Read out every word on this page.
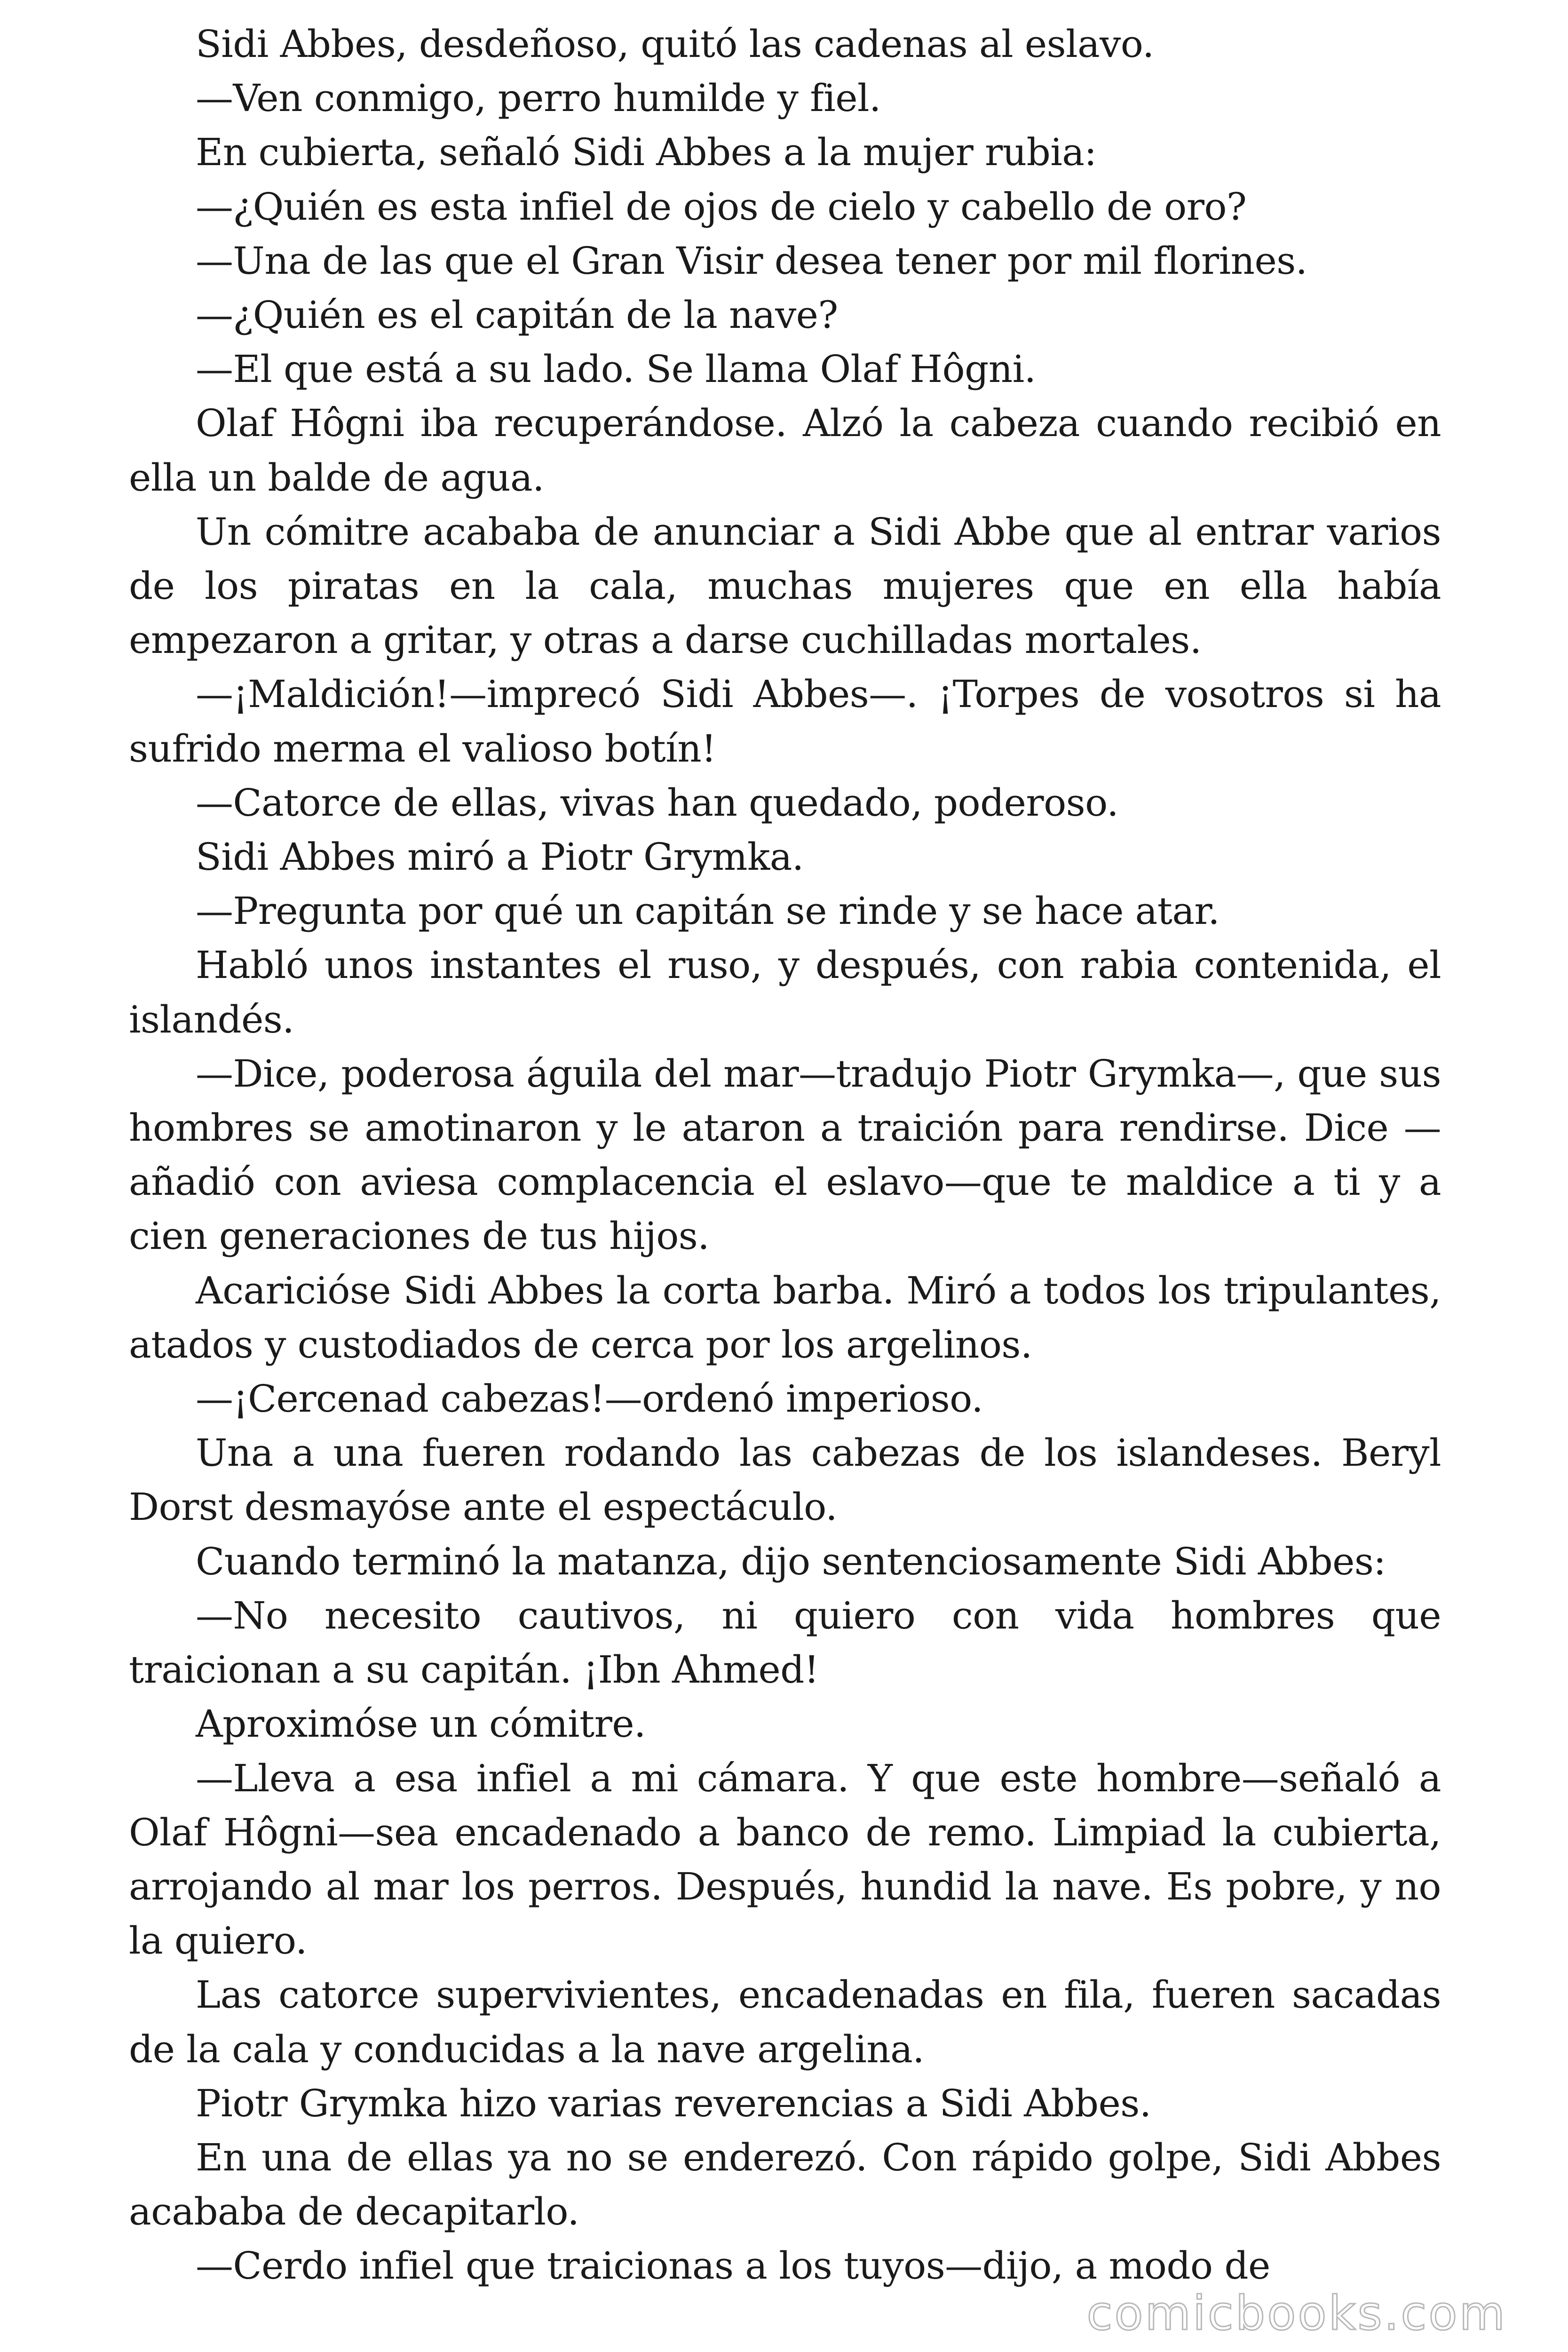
Sidi Abbes, desdeñoso, quitó las cadenas al eslavo.

—Ven conmigo, perro humilde y fiel.

En cubierta, señaló Sidi Abbes a la mujer rubia:

—¿Quién es esta infiel de ojos de cielo y cabello de oro?

—Una de las que el Gran Visir desea tener por mil florines.

—¿Quién es el capitán de la nave?

—El que está a su lado. Se llama Olaf Hôgni.

Olaf Hôgni iba recuperándose. Alzó la cabeza cuando recibió en ella un balde de agua.

Un cómitre acababa de anunciar a Sidi Abbe que al entrar varios de los piratas en la cala, muchas mujeres que en ella había empezaron a gritar, y otras a darse cuchilladas mortales.

—¡Maldición!—imprecó Sidi Abbes—. ¡Torpes de vosotros si ha sufrido merma el valioso botín!

—Catorce de ellas, vivas han quedado, poderoso.

Sidi Abbes miró a Piotr Grymka.

—Pregunta por qué un capitán se rinde y se hace atar.

Habló unos instantes el ruso, y después, con rabia contenida, el islandés.

—Dice, poderosa águila del mar—tradujo Piotr Grymka—, que sus hombres se amotinaron y le ataron a traición para rendirse. Dice —añadió con aviesa complacencia el eslavo—que te maldice a ti y a cien generaciones de tus hijos.

Acaricióse Sidi Abbes la corta barba. Miró a todos los tripulantes, atados y custodiados de cerca por los argelinos.

—¡Cercenad cabezas!—ordenó imperioso.

Una a una fueren rodando las cabezas de los islandeses. Beryl Dorst desmayóse ante el espectáculo.

Cuando terminó la matanza, dijo sentenciosamente Sidi Abbes:

—No necesito cautivos, ni quiero con vida hombres que traicionan a su capitán. ¡Ibn Ahmed!

Aproximóse un cómitre.

—Lleva a esa infiel a mi cámara. Y que este hombre—señaló a Olaf Hôgni—sea encadenado a banco de remo. Limpiad la cubierta, arrojando al mar los perros. Después, hundid la nave. Es pobre, y no la quiero.

Las catorce supervivientes, encadenadas en fila, fueren sacadas de la cala y conducidas a la nave argelina.

Piotr Grymka hizo varias reverencias a Sidi Abbes.

En una de ellas ya no se enderezó. Con rápido golpe, Sidi Abbes acababa de decapitarlo.

—Cerdo infiel que traicionas a los tuyos—dijo, a modo de

comicbooks.com
